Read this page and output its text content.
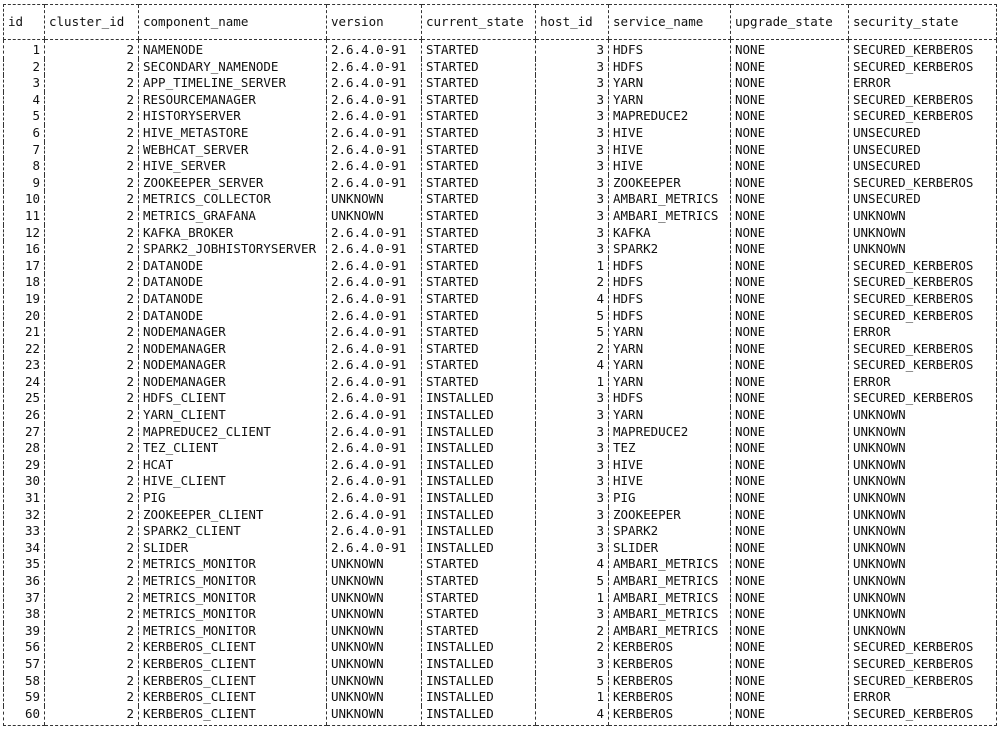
id	cluster_id	component_name	version	current_state	host_id	service_name	upgrade_state	security_state
1	2	NAMENODE	2.6.4.0-91	STARTED	3	HDFS	NONE	SECURED_KERBEROS
2	2	SECONDARY_NAMENODE	2.6.4.0-91	STARTED	3	HDFS	NONE	SECURED_KERBEROS
3	2	APP_TIMELINE_SERVER	2.6.4.0-91	STARTED	3	YARN	NONE	ERROR
4	2	RESOURCEMANAGER	2.6.4.0-91	STARTED	3	YARN	NONE	SECURED_KERBEROS
5	2	HISTORYSERVER	2.6.4.0-91	STARTED	3	MAPREDUCE2	NONE	SECURED_KERBEROS
6	2	HIVE_METASTORE	2.6.4.0-91	STARTED	3	HIVE	NONE	UNSECURED
7	2	WEBHCAT_SERVER	2.6.4.0-91	STARTED	3	HIVE	NONE	UNSECURED
8	2	HIVE_SERVER	2.6.4.0-91	STARTED	3	HIVE	NONE	UNSECURED
9	2	ZOOKEEPER_SERVER	2.6.4.0-91	STARTED	3	ZOOKEEPER	NONE	SECURED_KERBEROS
10	2	METRICS_COLLECTOR	UNKNOWN	STARTED	3	AMBARI_METRICS	NONE	UNSECURED
11	2	METRICS_GRAFANA	UNKNOWN	STARTED	3	AMBARI_METRICS	NONE	UNKNOWN
12	2	KAFKA_BROKER	2.6.4.0-91	STARTED	3	KAFKA	NONE	UNKNOWN
16	2	SPARK2_JOBHISTORYSERVER	2.6.4.0-91	STARTED	3	SPARK2	NONE	UNKNOWN
17	2	DATANODE	2.6.4.0-91	STARTED	1	HDFS	NONE	SECURED_KERBEROS
18	2	DATANODE	2.6.4.0-91	STARTED	2	HDFS	NONE	SECURED_KERBEROS
19	2	DATANODE	2.6.4.0-91	STARTED	4	HDFS	NONE	SECURED_KERBEROS
20	2	DATANODE	2.6.4.0-91	STARTED	5	HDFS	NONE	SECURED_KERBEROS
21	2	NODEMANAGER	2.6.4.0-91	STARTED	5	YARN	NONE	ERROR
22	2	NODEMANAGER	2.6.4.0-91	STARTED	2	YARN	NONE	SECURED_KERBEROS
23	2	NODEMANAGER	2.6.4.0-91	STARTED	4	YARN	NONE	SECURED_KERBEROS
24	2	NODEMANAGER	2.6.4.0-91	STARTED	1	YARN	NONE	ERROR
25	2	HDFS_CLIENT	2.6.4.0-91	INSTALLED	3	HDFS	NONE	SECURED_KERBEROS
26	2	YARN_CLIENT	2.6.4.0-91	INSTALLED	3	YARN	NONE	UNKNOWN
27	2	MAPREDUCE2_CLIENT	2.6.4.0-91	INSTALLED	3	MAPREDUCE2	NONE	UNKNOWN
28	2	TEZ_CLIENT	2.6.4.0-91	INSTALLED	3	TEZ	NONE	UNKNOWN
29	2	HCAT	2.6.4.0-91	INSTALLED	3	HIVE	NONE	UNKNOWN
30	2	HIVE_CLIENT	2.6.4.0-91	INSTALLED	3	HIVE	NONE	UNKNOWN
31	2	PIG	2.6.4.0-91	INSTALLED	3	PIG	NONE	UNKNOWN
32	2	ZOOKEEPER_CLIENT	2.6.4.0-91	INSTALLED	3	ZOOKEEPER	NONE	UNKNOWN
33	2	SPARK2_CLIENT	2.6.4.0-91	INSTALLED	3	SPARK2	NONE	UNKNOWN
34	2	SLIDER	2.6.4.0-91	INSTALLED	3	SLIDER	NONE	UNKNOWN
35	2	METRICS_MONITOR	UNKNOWN	STARTED	4	AMBARI_METRICS	NONE	UNKNOWN
36	2	METRICS_MONITOR	UNKNOWN	STARTED	5	AMBARI_METRICS	NONE	UNKNOWN
37	2	METRICS_MONITOR	UNKNOWN	STARTED	1	AMBARI_METRICS	NONE	UNKNOWN
38	2	METRICS_MONITOR	UNKNOWN	STARTED	3	AMBARI_METRICS	NONE	UNKNOWN
39	2	METRICS_MONITOR	UNKNOWN	STARTED	2	AMBARI_METRICS	NONE	UNKNOWN
56	2	KERBEROS_CLIENT	UNKNOWN	INSTALLED	2	KERBEROS	NONE	SECURED_KERBEROS
57	2	KERBEROS_CLIENT	UNKNOWN	INSTALLED	3	KERBEROS	NONE	SECURED_KERBEROS
58	2	KERBEROS_CLIENT	UNKNOWN	INSTALLED	5	KERBEROS	NONE	SECURED_KERBEROS
59	2	KERBEROS_CLIENT	UNKNOWN	INSTALLED	1	KERBEROS	NONE	ERROR
60	2	KERBEROS_CLIENT	UNKNOWN	INSTALLED	4	KERBEROS	NONE	SECURED_KERBEROS
